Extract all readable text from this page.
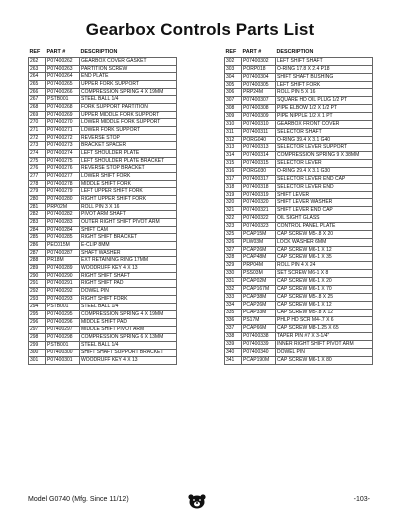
Gearbox Controls Parts List
REF	PART #	DESCRIPTION
262	P07400262	GEARBOX COVER GASKET
263	P07400263	PARTITION SCREW
264	P07400264	END PLATE
265	P07400265	UPPER FORK SUPPORT
266	P07400266	COMPRESSION SPRING 4 X 19MM
267	PSTB001	STEEL BALL 1/4
268	P07400268	FORK SUPPORT PARTITION
269	P07400269	UPPER MIDDLE FORK SUPPORT
270	P07400270	LOWER MIDDLE FORK SUPPORT
271	P07400271	LOWER FORK SUPPORT
272	P07400272	REVERSE STOP
273	P07400273	BRACKET SPACER
274	P07400274	LEFT SHOULDER PLATE
275	P07400275	LEFT SHOULDER PLATE BRACKET
276	P07400276	REVERSE STOP BRACKET
277	P07400277	LOWER SHIFT FORK
278	P07400278	MIDDLE SHIFT FORK
279	P07400279	LEFT UPPER SHIFT FORK
280	P07400280	RIGHT UPPER SHIFT FORK
281	PRP02M	ROLL PIN 3 X 16
282	P07400282	PIVOT ARM SHAFT
283	P07400283	OUTER RIGHT SHIFT PIVOT ARM
284	P07400284	SHIFT CAM
285	P07400285	RIGHT SHIFT BRACKET
286	PEC015M	E-CLIP 8MM
287	P07400287	SHAFT WASHER
288	PR18M	EXT RETAINING RING 17MM
289	P07400289	WOODRUFF KEY 4 X 13
290	P07400290	RIGHT SHIFT SHAFT
291	P07400291	RIGHT SHIFT PAD
292	P07400292	DOWEL PIN
293	P07400293	RIGHT SHIFT FORK
294	PSTB001	STEEL BALL 1/4
295	P07400295	COMPRESSION SPRING 4 X 19MM
296	P07400296	MIDDLE SHIFT PAD
297	P07400297	MIDDLE SHIFT PIVOT ARM
298	P07400298	COMPRESSION SPRING 6 X 13MM
299	PSTB001	STEEL BALL 1/4
300	P07400300	SHIFT SHAFT SUPPORT BRACKET
301	P07400301	WOODRUFF KEY 4 X 13
REF	PART #	DESCRIPTION
302	P07400302	LEFT SHIFT SHAFT
303	PORP018	O-RING 17.8 X 2.4 P18
304	P07400304	SHIFT SHAFT BUSHING
305	P07400305	LEFT SHIFT FORK
306	PRP24M	ROLL PIN 5 X 16
307	P07400307	SQUARE HD OIL PLUG 1/2 PT
308	P07400308	PIPE ELBOW 1/2 X 1/2 PT
309	P07400309	PIPE NIPPLE 1/2 X 1 PT
310	P07400310	GEARBOX FRONT COVER
311	P07400311	SELECTOR SHAFT
312	PORG040	O-RING 39.4 X 3.1 G40
313	P07400313	SELECTOR LEVER SUPPORT
314	P07400314	COMPRESSION SPRING 9 X 38MM
315	P07400315	SELECTOR LEVER
316	PORG030	O-RING 29.4 X 3.1 G30
317	P07400317	SELECTOR LEVER END CAP
318	P07400318	SELECTOR LEVER END
319	P07400319	SHIFT LEVER
320	P07400320	SHIFT LEVER WASHER
321	P07400321	SHIFT LEVER END CAP
322	P07400322	OIL SIGHT GLASS
323	P07400323	CONTROL PANEL PLATE
325	PCAP15M	CAP SCREW M5-.8 X 20
326	PLW03M	LOCK WASHER 6MM
327	PCAP26M	CAP SCREW M6-1 X 12
328	PCAP48M	CAP SCREW M6-1 X 35
329	PRP04M	ROLL PIN 4 X 24
330	PSS03M	SET SCREW M6-1 X 8
331	PCAP02M	CAP SCREW M6-1 X 20
332	PCAP167M	CAP SCREW M6-1 X 70
333	PCAP38M	CAP SCREW M5-.8 X 25
334	PCAP26M	CAP SCREW M6-1 X 12
335	PCAP33M	CAP SCREW M5-.8 X 12
336	PS17M	PHLP HD SCR M4-.7 X 6
337	PCAP66M	CAP SCREW M8-1.25 X 65
338	P07400338	TAPER PIN #7 X 3-1/4"
339	P07400339	INNER RIGHT SHIFT PIVOT ARM
340	P07400340	DOWEL PIN
341	PCAP190M	CAP SCREW M6-1 X 80
Model G0740 (Mfg. Since 11/12)	-103-
